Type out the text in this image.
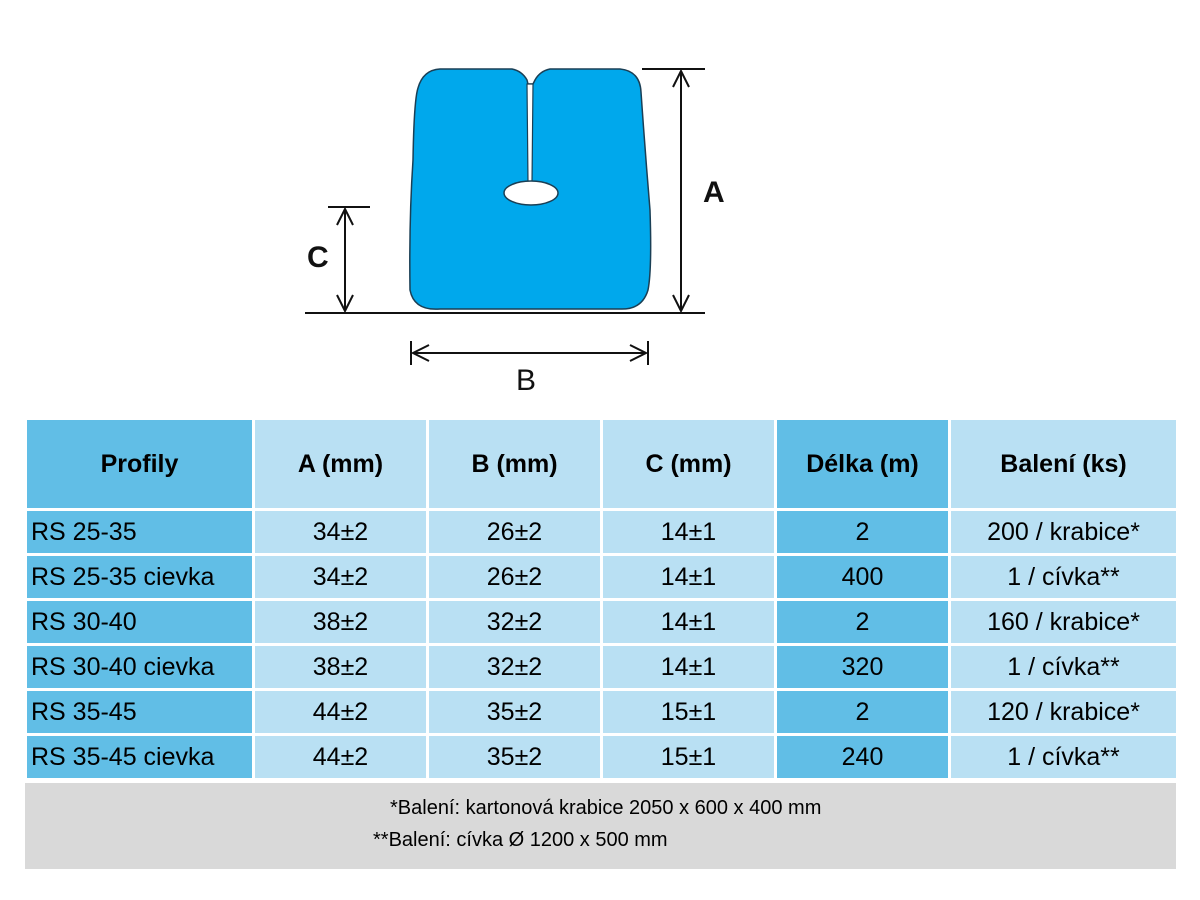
A
C
B
Profily	A (mm)	B (mm)	C (mm)	Délka (m)	Balení (ks)
RS 25-35	34±2	26±2	14±1	2	200 / krabice*
RS 25-35 cievka	34±2	26±2	14±1	400	1 / cívka**
RS 30-40	38±2	32±2	14±1	2	160 / krabice*
RS 30-40 cievka	38±2	32±2	14±1	320	1 / cívka**
RS 35-45	44±2	35±2	15±1	2	120 / krabice*
RS 35-45 cievka	44±2	35±2	15±1	240	1 / cívka**
*Balení: kartonová krabice 2050 x 600 x 400 mm
**Balení: cívka Ø 1200 x 500 mm
